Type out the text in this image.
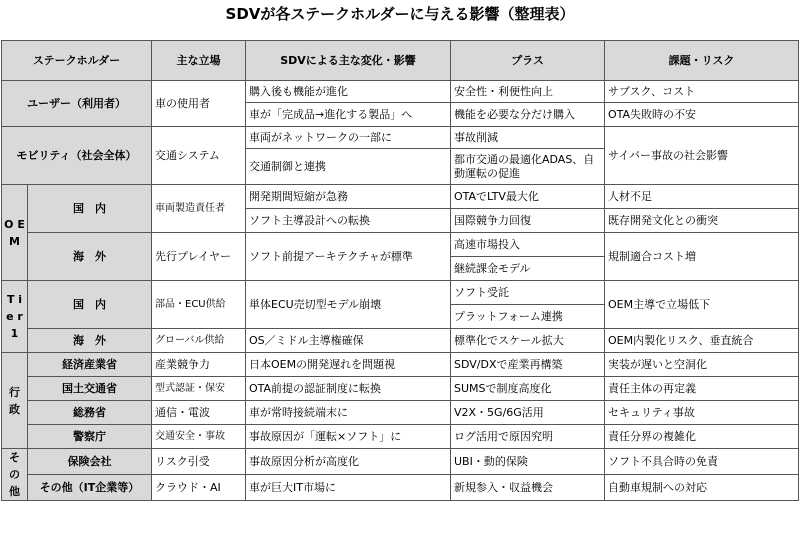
SDVが各ステークホルダーに与える影響（整理表）
ステークホルダー		主な立場	SDVによる主な変化・影響	プラス	課題・リスク
ユーザー（利用者）		車の使用者	購入後も機能が進化	安全性・利便性向上	サブスク、コスト
			車が「完成品→進化する製品」へ	機能を必要な分だけ購入	OTA失敗時の不安
モビリティ（社会全体）		交通システム	車両がネットワークの一部に	事故削減	サイバー事故の社会影響
			交通制御と連携	都市交通の最適化ADAS、自動運転の促進	
O E M	国　内	車両製造責任者	開発期間短縮が急務	OTAでLTV最大化	人材不足
			ソフト主導設計への転換	国際競争力回復	既存開発文化との衝突
	海　外	先行プレイヤー	ソフト前提アーキテクチャが標準	高速市場投入	規制適合コスト増
				継続課金モデル	
T i e r 1	国　内	部品・ECU供給	単体ECU売切型モデル崩壊	ソフト受託	OEM主導で立場低下
				プラットフォーム連携	
	海　外	グローバル供給	OS／ミドル主導権確保	標準化でスケール拡大	OEM内製化リスク、垂直統合

行 政	経済産業省	産業競争力	日本OEMの開発遅れを問題視	SDV/DXで産業再構築	実装が遅いと空洞化
	国土交通省	型式認証・保安	OTA前提の認証制度に転換	SUMSで制度高度化	責任主体の再定義
	総務省	通信・電波	車が常時接続端末に	V2X・5G/6G活用	セキュリティ事故
	警察庁	交通安全・事故	事故原因が「運転×ソフト」に	ログ活用で原因究明	責任分界の複雑化
そ の 他	保険会社	リスク引受	事故原因分析が高度化	UBI・動的保険	ソフト不具合時の免責
	その他（IT企業等）	クラウド・AI	車が巨大IT市場に	新規参入・収益機会	自動車規制への対応
